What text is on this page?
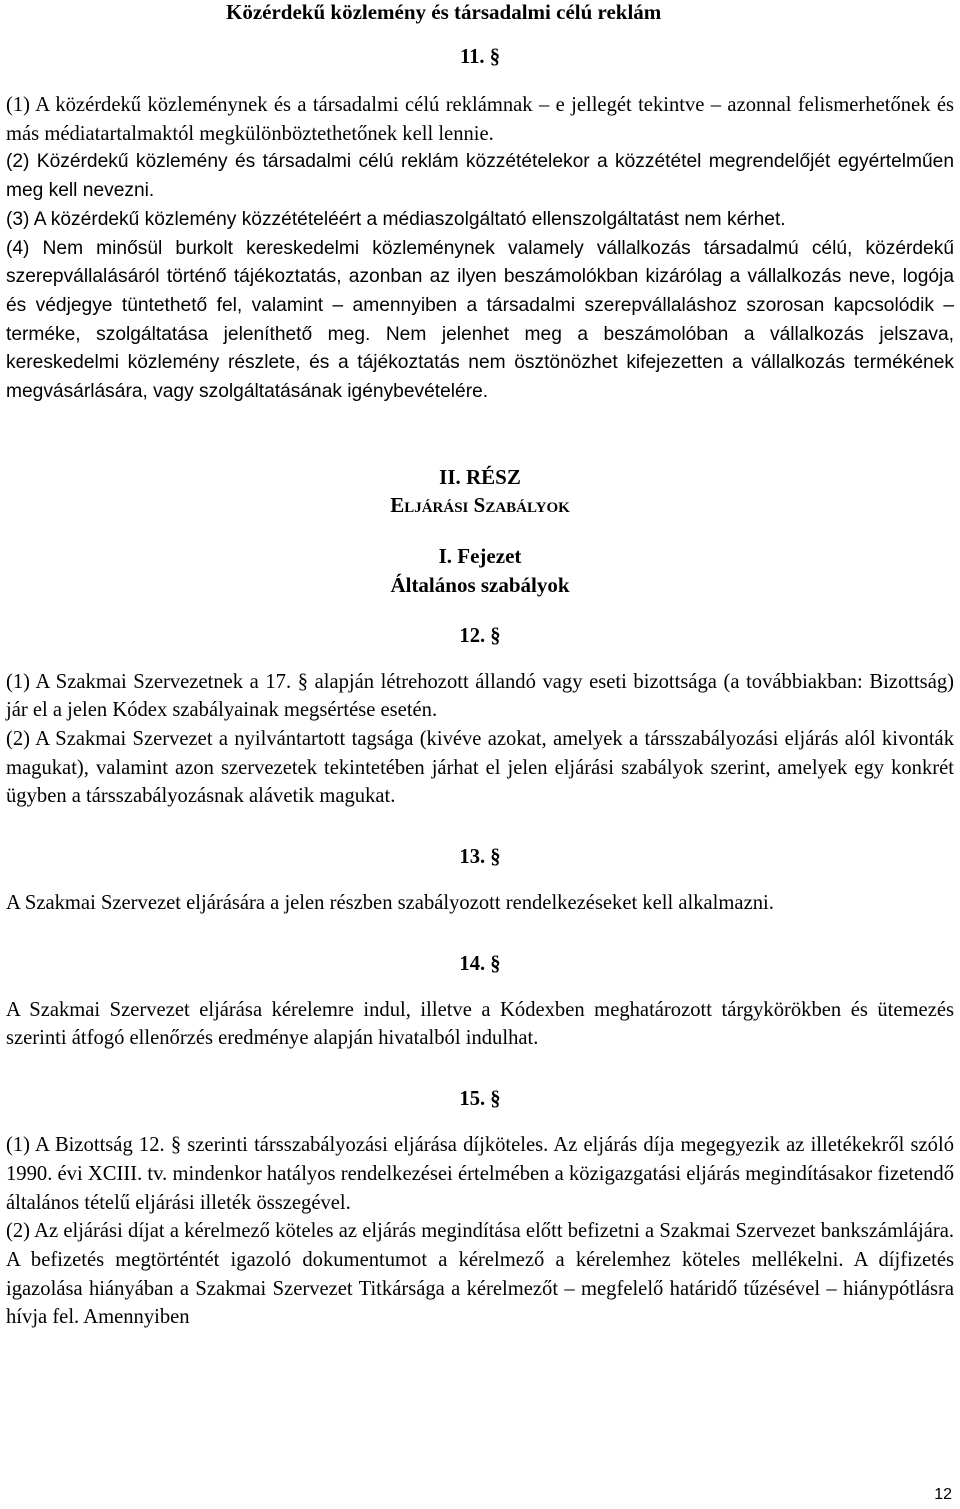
Közérdekű közlemény és társadalmi célú reklám
11. §

(1) A közérdekű közleménynek és a társadalmi célú reklámnak – e jellegét tekintve – azonnal felismerhetőnek és más médiatartalmaktól megkülönböztethetőnek kell lennie.

(2) Közérdekű közlemény és társadalmi célú reklám közzétételekor a közzététel megrendelőjét egyértelműen meg kell nevezni.

(3) A közérdekű közlemény közzétételéért a médiaszolgáltató ellenszolgáltatást nem kérhet.

(4) Nem minősül burkolt kereskedelmi közleménynek valamely vállalkozás társadalmú célú, közérdekű szerepvállalásáról történő tájékoztatás, azonban az ilyen beszámolókban kizárólag a vállalkozás neve, logója és védjegye tüntethető fel, valamint – amennyiben a társadalmi szerepvállaláshoz szorosan kapcsolódik – terméke, szolgáltatása jeleníthető meg. Nem jelenhet meg a beszámolóban a vállalkozás jelszava, kereskedelmi közlemény részlete, és a tájékoztatás nem ösztönözhet kifejezetten a vállalkozás termékének megvásárlására, vagy szolgáltatásának igénybevételére.

II. RÉSZ
Eljárási Szabályok
I. Fejezet
Általános szabályok
12. §

(1) A Szakmai Szervezetnek a 17. § alapján létrehozott állandó vagy eseti bizottsága (a továbbiakban: Bizottság) jár el a jelen Kódex szabályainak megsértése esetén.

(2) A Szakmai Szervezet a nyilvántartott tagsága (kivéve azokat, amelyek a társszabályozási eljárás alól kivonták magukat), valamint azon szervezetek tekintetében járhat el jelen eljárási szabályok szerint, amelyek egy konkrét ügyben a társszabályozásnak alávetik magukat.

13. §

A Szakmai Szervezet eljárására a jelen részben szabályozott rendelkezéseket kell alkalmazni.

14. §

A Szakmai Szervezet eljárása kérelemre indul, illetve a Kódexben meghatározott tárgykörökben és ütemezés szerinti átfogó ellenőrzés eredménye alapján hivatalból indulhat.

15. §

(1) A Bizottság 12. § szerinti társszabályozási eljárása díjköteles. Az eljárás díja megegyezik az illetékekről szóló 1990. évi XCIII. tv. mindenkor hatályos rendelkezései értelmében a közigazgatási eljárás megindításakor fizetendő általános tételű eljárási illeték összegével.

(2) Az eljárási díjat a kérelmező köteles az eljárás megindítása előtt befizetni a Szakmai Szervezet bankszámlájára. A befizetés megtörténtét igazoló dokumentumot a kérelmező a kérelemhez köteles mellékelni. A díjfizetés igazolása hiányában a Szakmai Szervezet Titkársága a kérelmezőt – megfelelő határidő tűzésével – hiánypótlásra hívja fel. Amennyiben

12
